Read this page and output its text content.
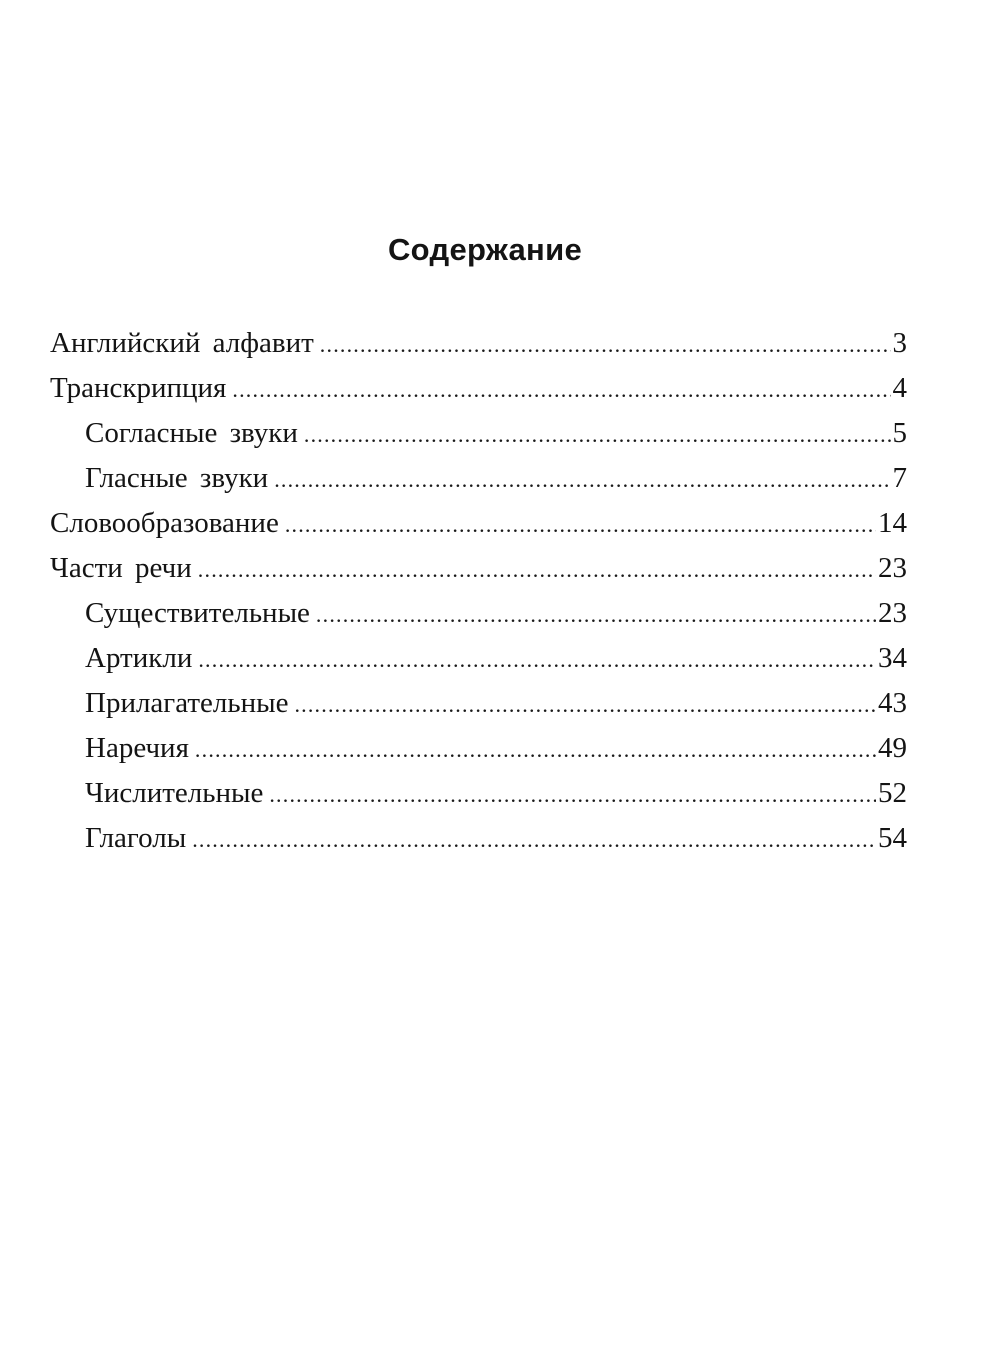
Содержание
Английский алфавит .....	3
Транскрипция .....	4
Согласные звуки .....	5
Гласные звуки .....	7
Словообразование .....	14
Части речи .....	23
Существительные .....	23
Артикли .....	34
Прилагательные .....	43
Наречия .....	49
Числительные .....	52
Глаголы .....	54
